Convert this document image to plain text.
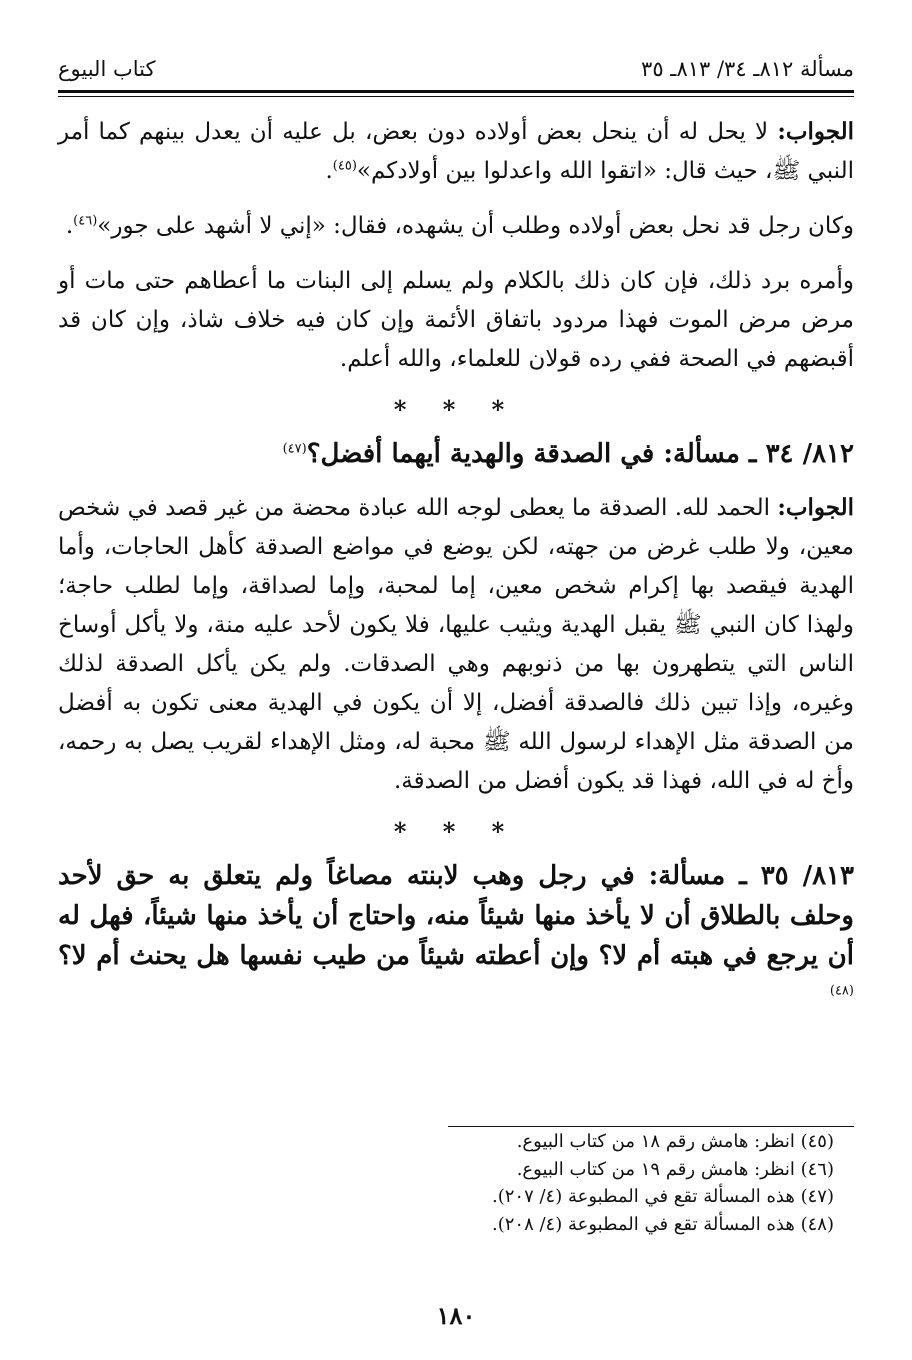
مسألة ٨١٢ـ ٣٤/ ٨١٣ـ ٣٥
كتاب البيوع

الجواب: لا يحل له أن ينحل بعض أولاده دون بعض، بل عليه أن يعدل بينهم كما أمر النبي ﷺ، حيث قال: «اتقوا الله واعدلوا بين أولادكم»$^{(٤٥)}$.

وكان رجل قد نحل بعض أولاده وطلب أن يشهده، فقال: «إني لا أشهد على جور»$^{(٤٦)}$.

وأمره برد ذلك، فإن كان ذلك بالكلام ولم يسلم إلى البنات ما أعطاهم حتى مات أو مرض مرض الموت فهذا مردود باتفاق الأئمة وإن كان فيه خلاف شاذ، وإن كان قد أقبضهم في الصحة ففي رده قولان للعلماء، والله أعلم.

* * *

٨١٢/ ٣٤ ـ مسألة: في الصدقة والهدية أيهما أفضل؟$^{(٤٧)}$

الجواب: الحمد لله. الصدقة ما يعطى لوجه الله عبادة محضة من غير قصد في شخص معين، ولا طلب غرض من جهته، لكن يوضع في مواضع الصدقة كأهل الحاجات، وأما الهدية فيقصد بها إكرام شخص معين، إما لمحبة، وإما لصداقة، وإما لطلب حاجة؛ ولهذا كان النبي ﷺ يقبل الهدية ويثيب عليها، فلا يكون لأحد عليه منة، ولا يأكل أوساخ الناس التي يتطهرون بها من ذنوبهم وهي الصدقات. ولم يكن يأكل الصدقة لذلك وغيره، وإذا تبين ذلك فالصدقة أفضل، إلا أن يكون في الهدية معنى تكون به أفضل من الصدقة مثل الإهداء لرسول الله ﷺ محبة له، ومثل الإهداء لقريب يصل به رحمه، وأخ له في الله، فهذا قد يكون أفضل من الصدقة.

* * *

٨١٣/ ٣٥ ـ مسألة: في رجل وهب لابنته مصاغاً ولم يتعلق به حق لأحد وحلف بالطلاق أن لا يأخذ منها شيئاً منه، واحتاج أن يأخذ منها شيئاً، فهل له أن يرجع في هبته أم لا؟ وإن أعطته شيئاً من طيب نفسها هل يحنث أم لا؟$^{(٤٨)}$

(٤٥) انظر: هامش رقم ١٨ من كتاب البيوع.
(٤٦) انظر: هامش رقم ١٩ من كتاب البيوع.
(٤٧) هذه المسألة تقع في المطبوعة (٤/ ٢٠٧).
(٤٨) هذه المسألة تقع في المطبوعة (٤/ ٢٠٨).
١٨٠
